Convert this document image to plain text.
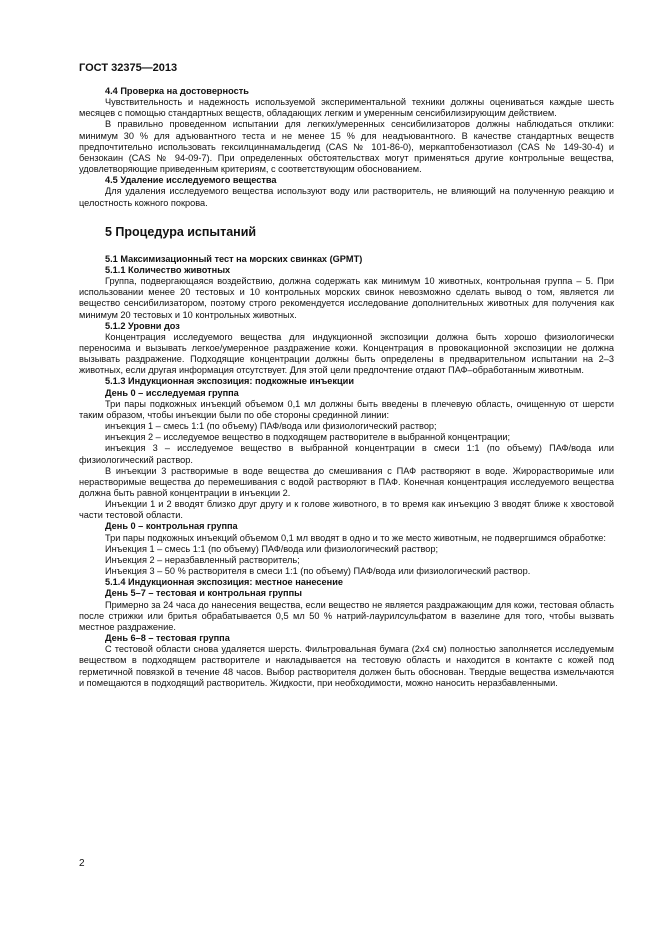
ГОСТ 32375—2013

4.4 Проверка на достоверность

Чувствительность и надежность используемой экспериментальной техники должны оцениваться каждые шесть месяцев с помощью стандартных веществ, обладающих легким и умеренным сенсибилизирующим действием.

В правильно проведенном испытании для легких/умеренных сенсибилизаторов должны наблюдаться отклики: минимум 30 % для адъювантного теста и не менее 15 % для неадъювантного. В качестве стандартных веществ предпочтительно использовать гексилциннамальдегид (CAS № 101-86-0), меркаптобензотиазол (CAS № 149-30-4) и бензокаин (CAS № 94-09-7). При определенных обстоятельствах могут применяться другие контрольные вещества, удовлетворяющие приведенным критериям, с соответствующим обоснованием.

4.5 Удаление исследуемого вещества

Для удаления исследуемого вещества используют воду или растворитель, не влияющий на полученную реакцию и целостность кожного покрова.

5 Процедура испытаний

5.1 Максимизационный тест на морских свинках (GPMT)

5.1.1 Количество животных

Группа, подвергающаяся воздействию, должна содержать как минимум 10 животных, контрольная группа – 5. При использовании менее 20 тестовых и 10 контрольных морских свинок невозможно сделать вывод о том, является ли вещество сенсибилизатором, поэтому строго рекомендуется исследование дополнительных животных для получения как минимум 20 тестовых и 10 контрольных животных.

5.1.2 Уровни доз

Концентрация исследуемого вещества для индукционной экспозиции должна быть хорошо физиологически переносима и вызывать легкое/умеренное раздражение кожи. Концентрация в провокационной экспозиции не должна вызывать раздражение. Подходящие концентрации должны быть определены в предварительном испытании на 2–3 животных, если другая информация отсутствует. Для этой цели предпочтение отдают ПАФ–обработанным животным.

5.1.3 Индукционная экспозиция: подкожные инъекции

День 0 – исследуемая группа

Три пары подкожных инъекций объемом 0,1 мл должны быть введены в плечевую область, очищенную от шерсти таким образом, чтобы инъекции были по обе стороны срединной линии:

инъекция 1 – смесь 1:1 (по объему) ПАФ/вода или физиологический раствор;

инъекция 2 – исследуемое вещество в подходящем растворителе в выбранной концентрации;

инъекция 3 – исследуемое вещество в выбранной концентрации в смеси 1:1 (по объему) ПАФ/вода или физиологический раствор.

В инъекции 3 растворимые в воде вещества до смешивания с ПАФ растворяют в воде. Жирорастворимые или нерастворимые вещества до перемешивания с водой растворяют в ПАФ. Конечная концентрация исследуемого вещества должна быть равной концентрации в инъекции 2.

Инъекции 1 и 2 вводят близко друг другу и к голове животного, в то время как инъекцию 3 вводят ближе к хвостовой части тестовой области.

День 0 – контрольная группа

Три пары подкожных инъекций объемом 0,1 мл вводят в одно и то же место животным, не подвергшимся обработке:

Инъекция 1 – смесь 1:1 (по объему) ПАФ/вода или физиологический раствор;

Инъекция 2 – неразбавленный растворитель;

Инъекция 3 – 50 % растворителя в смеси 1:1 (по объему) ПАФ/вода или физиологический раствор.

5.1.4 Индукционная экспозиция: местное нанесение

День 5–7 – тестовая и контрольная группы

Примерно за 24 часа до нанесения вещества, если вещество не является раздражающим для кожи, тестовая область после стрижки или бритья обрабатывается 0,5 мл 50 % натрий-лаурилсульфатом в вазелине для того, чтобы вызвать местное раздражение.

День 6–8 – тестовая группа

С тестовой области снова удаляется шерсть. Фильтровальная бумага (2х4 см) полностью заполняется исследуемым веществом в подходящем растворителе и накладывается на тестовую область и находится в контакте с кожей под герметичной повязкой в течение 48 часов. Выбор растворителя должен быть обоснован. Твердые вещества измельчаются и помещаются в подходящий растворитель. Жидкости, при необходимости, можно наносить неразбавленными.

2
